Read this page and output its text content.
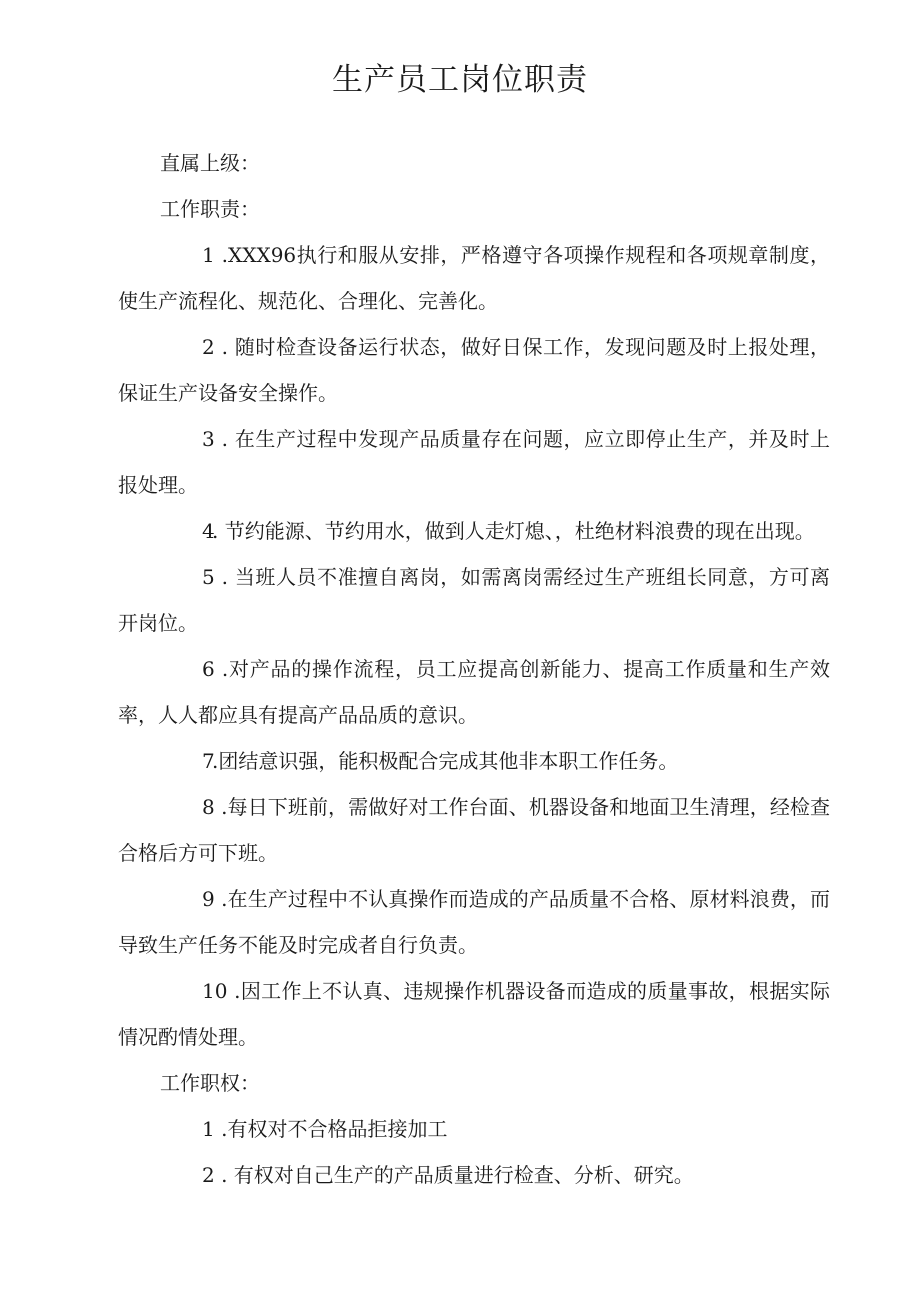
生产员工岗位职责

直属上级：

工作职责：

1 .XXX96执行和服从安排，严格遵守各项操作规程和各项规章制度，使生产流程化、规范化、合理化、完善化。

2 . 随时检查设备运行状态，做好日保工作，发现问题及时上报处理，保证生产设备安全操作。

3 . 在生产过程中发现产品质量存在问题，应立即停止生产，并及时上报处理。

4. 节约能源、节约用水，做到人走灯熄、，杜绝材料浪费的现在出现。

5 . 当班人员不准擅自离岗，如需离岗需经过生产班组长同意，方可离开岗位。

6 .对产品的操作流程，员工应提高创新能力、提高工作质量和生产效率，人人都应具有提高产品品质的意识。

7.团结意识强，能积极配合完成其他非本职工作任务。

8 .每日下班前，需做好对工作台面、机器设备和地面卫生清理，经检查合格后方可下班。

9 .在生产过程中不认真操作而造成的产品质量不合格、原材料浪费，而导致生产任务不能及时完成者自行负责。

10 .因工作上不认真、违规操作机器设备而造成的质量事故，根据实际情况酌情处理。

工作职权：

1 .有权对不合格品拒接加工

2 . 有权对自己生产的产品质量进行检查、分析、研究。
